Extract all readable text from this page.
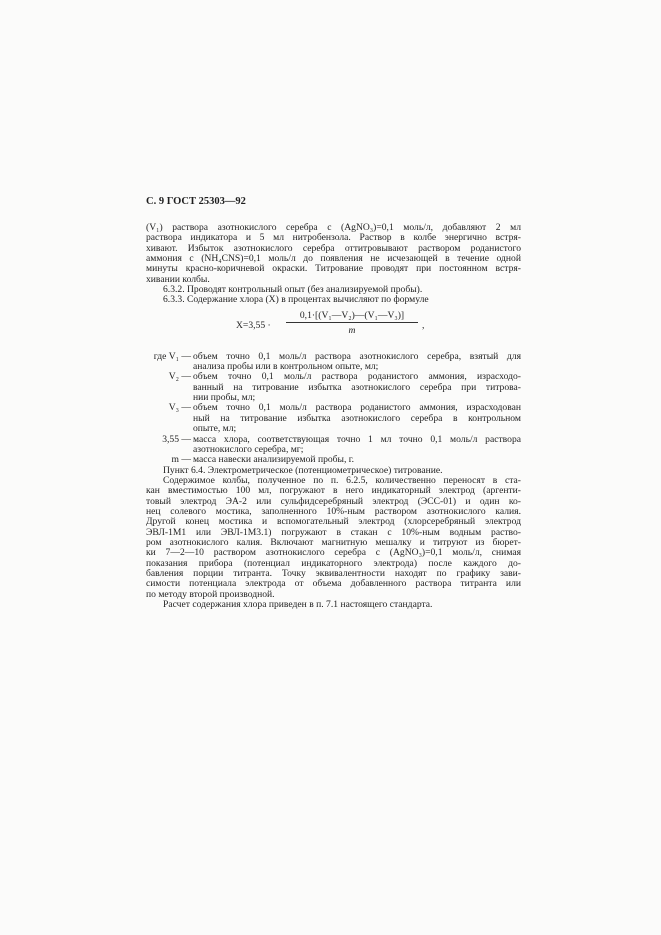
С. 9 ГОСТ 25303—92
(V₁) раствора азотнокислого серебра c (AgNO₃)=0,1 моль/л, добавляют 2 мл
раствора индикатора и 5 мл нитробензола. Раствор в колбе энергично встря-
хивают. Избыток азотнокислого серебра оттитровывают раствором роданистого
аммония c (NH₄CNS)=0,1 моль/л до появления не исчезающей в течение одной
минуты красно-коричневой окраски. Титрование проводят при постоянном встря-
хивании колбы.
6.3.2. Проводят контрольный опыт (без анализируемой пробы).
6.3.3. Содержание хлора (X) в процентах вычисляют по формуле
X=3,55 ·
0,1·[(V₁—V₂)—(V₁—V₃)]
m	,
где V₁ — объем точно 0,1 моль/л раствора азотнокислого серебра, взятый для
анализа пробы или в контрольном опыте, мл;
V₂ — объем точно 0,1 моль/л раствора роданистого аммония, израсходо-
ванный на титрование избытка азотнокислого серебра при титрова-
нии пробы, мл;
V₃ — объем точно 0,1 моль/л раствора роданистого аммония, израсходован
ный на титрование избытка азотнокислого серебра в контрольном
опыте, мл;
3,55 — масса хлора, соответствующая точно 1 мл точно 0,1 моль/л раствора
азотнокислого серебра, мг;
m — масса навески анализируемой пробы, г.
Пункт 6.4. Электрометрическое (потенциометрическое) титрование.
Содержимое колбы, полученное по п. 6.2.5, количественно переносят в ста-
кан вместимостью 100 мл, погружают в него индикаторный электрод (аргенти-
товый электрод ЭА-2 или сульфидсеребряный электрод (ЭСС-01) и один ко-
нец солевого мостика, заполненного 10%-ным раствором азотнокислого калия.
Другой конец мостика и вспомогательный электрод (хлорсеребряный электрод
ЭВЛ-1М1 или ЭВЛ-1М3.1) погружают в стакан с 10%-ным водным раство-
ром азотнокислого калия. Включают магнитную мешалку и титруют из бюрет-
ки 7—2—10 раствором азотнокислого серебра c (AgNO₃)=0,1 моль/л, снимая
показания прибора (потенциал индикаторного электрода) после каждого до-
бавления порции титранта. Точку эквивалентности находят по графику зави-
симости потенциала электрода от объема добавленного раствора титранта или
по методу второй производной.
Расчет содержания хлора приведен в п. 7.1 настоящего стандарта.
